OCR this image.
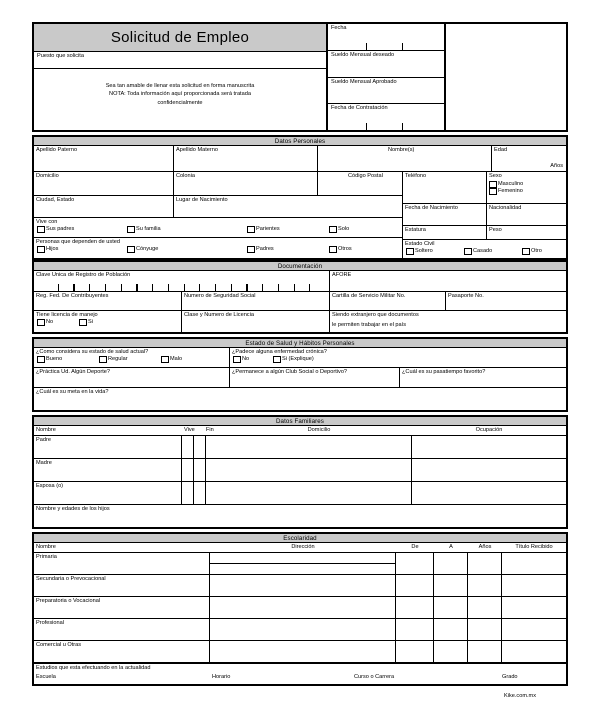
Solicitud de Empleo
Puesto que solicita
Sea tan amable de llenar esta solicitud en forma manuscrita
NOTA: Toda información aquí proporcionada será tratada
confidencialmente
Fecha
Sueldo Mensual deseado
Sueldo Mensual Aprobado
Fecha de Contratación
Datos Personales
Apellido Paterno	Apellido Materno	Nombre(s)	Edad
Años
Domicilio	Colonia	Código Postal
Ciudad, Estado	Lugar de Nacimiento
Vive con
Sus padres	Su familia	Parientes	Solo
Personas que dependen de usted
Hijos	Cónyuge	Padres	Otros
Teléfono	Sexo
Masculino
Femenino
Fecha de Nacimiento	Nacionalidad
Estatura	Peso
Estado Civil
Soltero	Casado	Otro
Documentación
Clave Unica de Registro de Población	AFORE
Reg. Fed. De Contribuyentes	Numero de Seguridad Social	Cartilla de Servicio Militar No.	Pasaporte No.
Tiene licencia de manejo
No	Si
Clase y Numero de Licencia	Siendo extranjero que documentos
le permiten trabajar en el país
Estado de Salud y Hábitos Personales
¿Como considera su estado de salud actual?
Bueno	Regular	Malo
¿Padece alguna enfermedad crónica?
No	Si (Explique)
¿Práctica Ud. Algún Deporte?	¿Permanece a algún Club Social o Deportivo?	¿Cuál es su pasatiempo favorito?
¿Cuál es su meta en la vida?
Datos Familiares
Nombre	Vive	Fin	Domicilio	Ocupación
Padre
Madre
Esposa (o)
Nombre y edades de los hijos
Escolaridad
Nombre	Dirección	De	A	Años	Título Recibido
Primaria
Secundaria o Prevocacional
Preparatoria o Vocacional
Profesional
Comercial u Otras
Estudios que esta efectuando en la actualidad
Escuela	Horario	Curso o Carrera	Grado
Kike.com.mx
